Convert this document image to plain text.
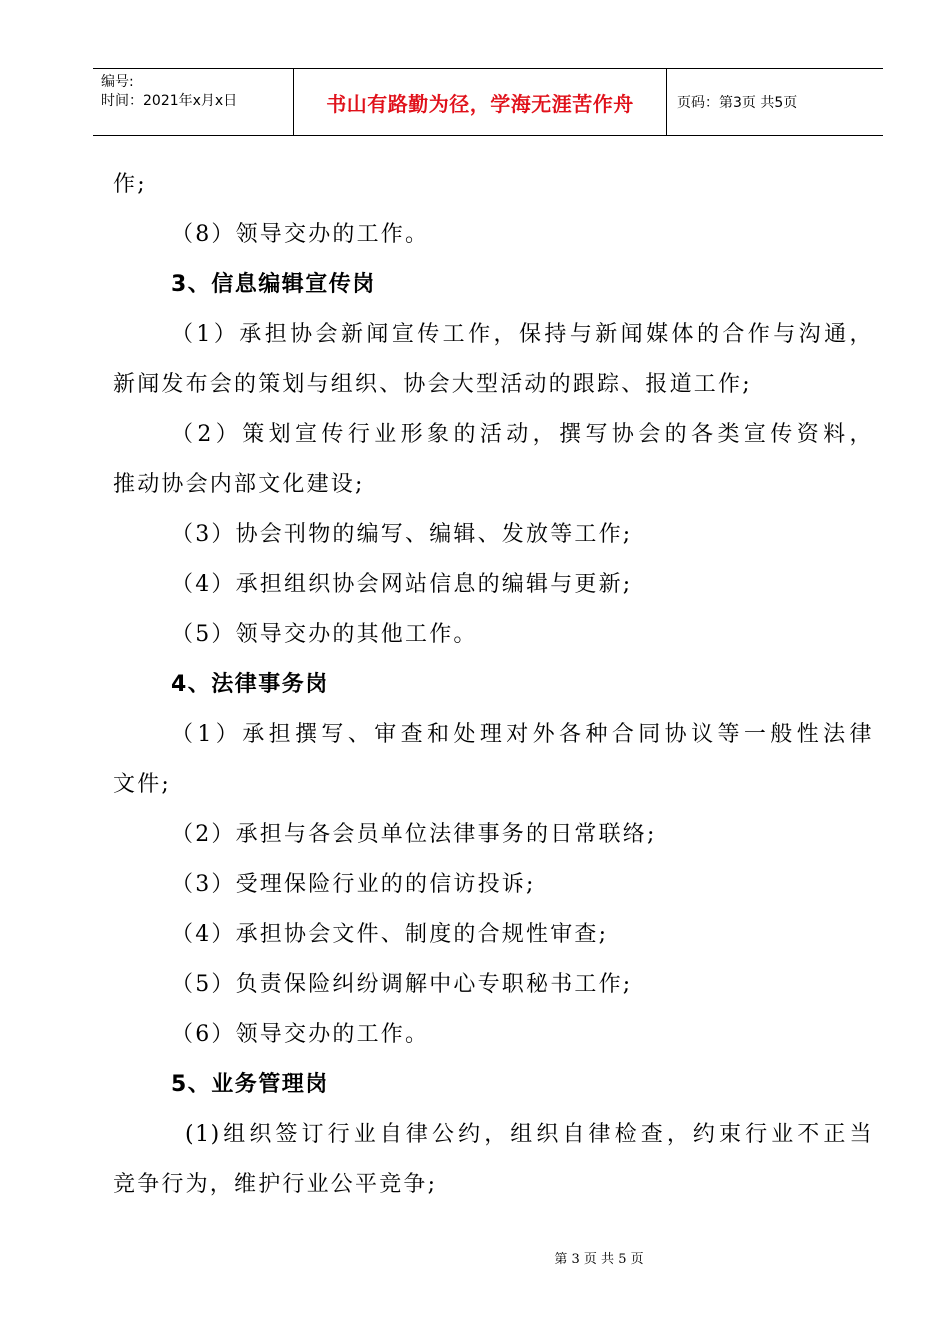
编号:
时间：2021年x月x日	书山有路勤为径，学海无涯苦作舟	页码：第3页 共5页
作;
（8）领导交办的工作。
3、信息编辑宣传岗
（1）承担协会新闻宣传工作，保持与新闻媒体的合作与沟通，
新闻发布会的策划与组织、协会大型活动的跟踪、报道工作;
（2）策划宣传行业形象的活动，撰写协会的各类宣传资料，
推动协会内部文化建设;
（3）协会刊物的编写、编辑、发放等工作;
（4）承担组织协会网站信息的编辑与更新;
（5）领导交办的其他工作。
4、法律事务岗
（1）承担撰写、审查和处理对外各种合同协议等一般性法律
文件;
（2）承担与各会员单位法律事务的日常联络;
（3）受理保险行业的的信访投诉;
（4）承担协会文件、制度的合规性审查;
（5）负责保险纠纷调解中心专职秘书工作;
（6）领导交办的工作。
5、业务管理岗
(1)组织签订行业自律公约，组织自律检查，约束行业不正当
竞争行为，维护行业公平竞争;
第 3 页 共 5 页
